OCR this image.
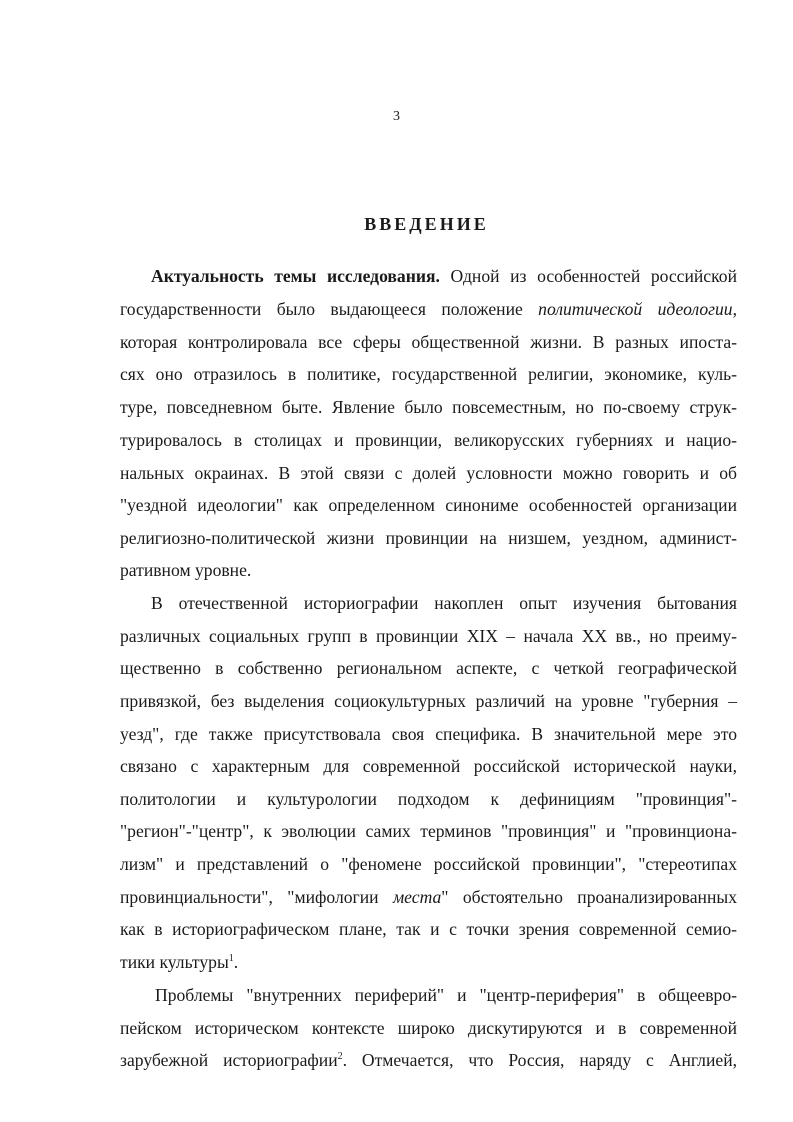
3
ВВЕДЕНИЕ
Актуальность темы исследования. Одной из особенностей российской
государственности было выдающееся положение политической идеологии,
которая контролировала все сферы общественной жизни. В разных ипоста-
сях оно отразилось в политике, государственной религии, экономике, куль-
туре, повседневном быте. Явление было повсеместным, но по-своему струк-
турировалось в столицах и провинции, великорусских губерниях и нацио-
нальных окраинах. В этой связи с долей условности можно говорить и об
"уездной идеологии" как определенном синониме особенностей организации
религиозно-политической жизни провинции на низшем, уездном, админист-
ративном уровне.
В отечественной историографии накоплен опыт изучения бытования
различных социальных групп в провинции XIX – начала XX вв., но преиму-
щественно в собственно региональном аспекте, с четкой географической
привязкой, без выделения социокультурных различий на уровне "губерния –
уезд", где также присутствовала своя специфика. В значительной мере это
связано с характерным для современной российской исторической науки,
политологии и культурологии подходом к дефинициям "провинция"-
"регион"-"центр", к эволюции самих терминов "провинция" и "провинциона-
лизм" и представлений о "феномене российской провинции", "стереотипах
провинциальности", "мифологии места" обстоятельно проанализированных
как в историографическом плане, так и с точки зрения современной семио-
тики культуры$^1$.
Проблемы "внутренних периферий" и "центр-периферия" в общеевро-
пейском историческом контексте широко дискутируются и в современной
зарубежной историографии$^2$. Отмечается, что Россия, наряду с Англией,
